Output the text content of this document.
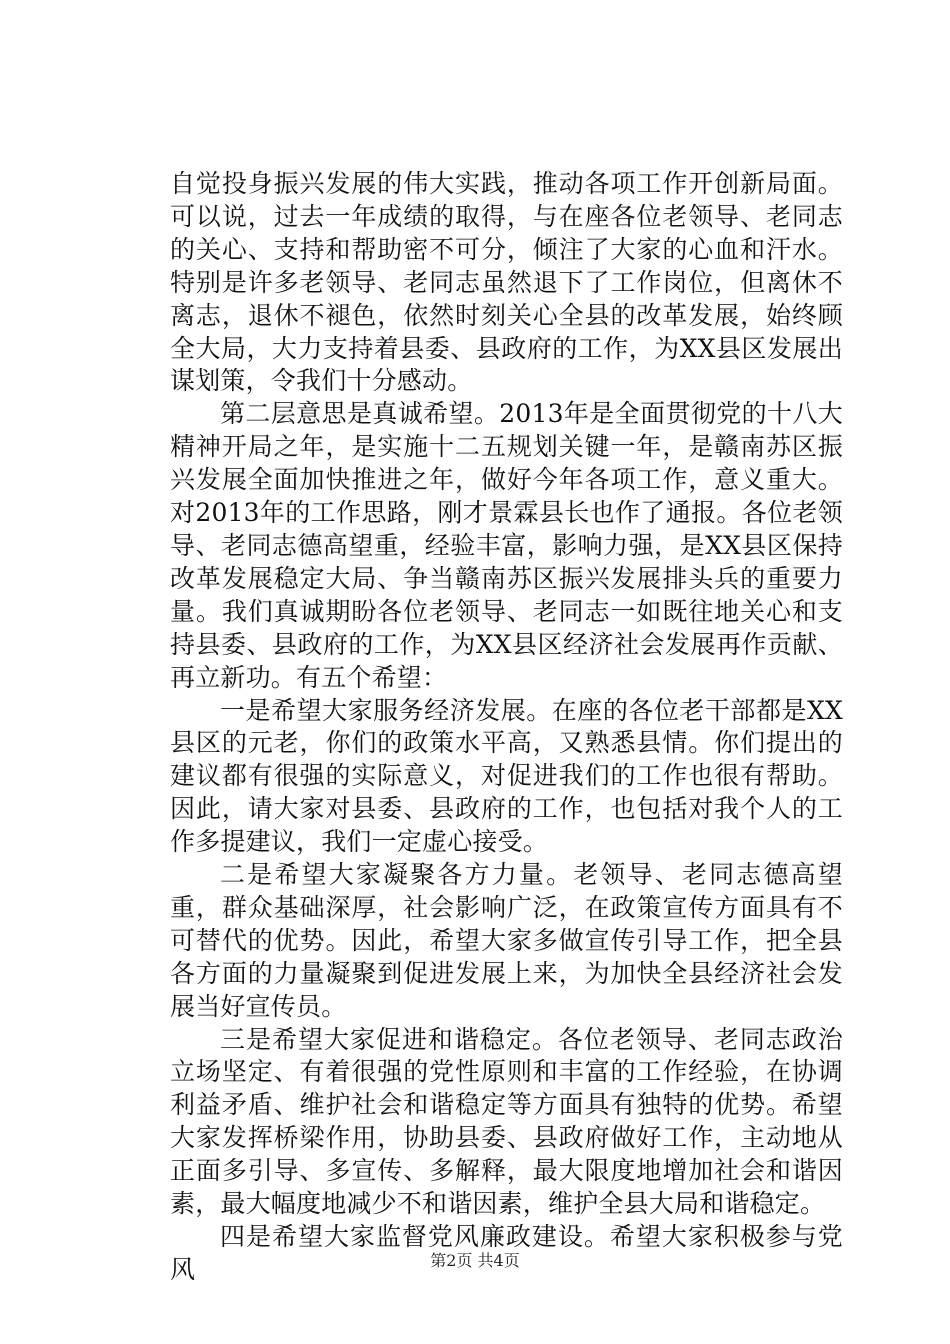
自觉投身振兴发展的伟大实践，推动各项工作开创新局面。可以说，过去一年成绩的取得，与在座各位老领导、老同志的关心、支持和帮助密不可分，倾注了大家的心血和汗水。特别是许多老领导、老同志虽然退下了工作岗位，但离休不离志，退休不褪色，依然时刻关心全县的改革发展，始终顾全大局，大力支持着县委、县政府的工作，为XX县区发展出谋划策，令我们十分感动。

第二层意思是真诚希望。2013年是全面贯彻党的十八大精神开局之年，是实施十二五规划关键一年，是赣南苏区振兴发展全面加快推进之年，做好今年各项工作，意义重大。对2013年的工作思路，刚才景霖县长也作了通报。各位老领导、老同志德高望重，经验丰富，影响力强，是XX县区保持改革发展稳定大局、争当赣南苏区振兴发展排头兵的重要力量。我们真诚期盼各位老领导、老同志一如既往地关心和支持县委、县政府的工作，为XX县区经济社会发展再作贡献、再立新功。有五个希望：

一是希望大家服务经济发展。在座的各位老干部都是XX县区的元老，你们的政策水平高，又熟悉县情。你们提出的建议都有很强的实际意义，对促进我们的工作也很有帮助。因此，请大家对县委、县政府的工作，也包括对我个人的工作多提建议，我们一定虚心接受。

二是希望大家凝聚各方力量。老领导、老同志德高望重，群众基础深厚，社会影响广泛，在政策宣传方面具有不可替代的优势。因此，希望大家多做宣传引导工作，把全县各方面的力量凝聚到促进发展上来，为加快全县经济社会发展当好宣传员。

三是希望大家促进和谐稳定。各位老领导、老同志政治立场坚定、有着很强的党性原则和丰富的工作经验，在协调利益矛盾、维护社会和谐稳定等方面具有独特的优势。希望大家发挥桥梁作用，协助县委、县政府做好工作，主动地从正面多引导、多宣传、多解释，最大限度地增加社会和谐因素，最大幅度地减少不和谐因素，维护全县大局和谐稳定。

四是希望大家监督党风廉政建设。希望大家积极参与党风	第2页 共4页
